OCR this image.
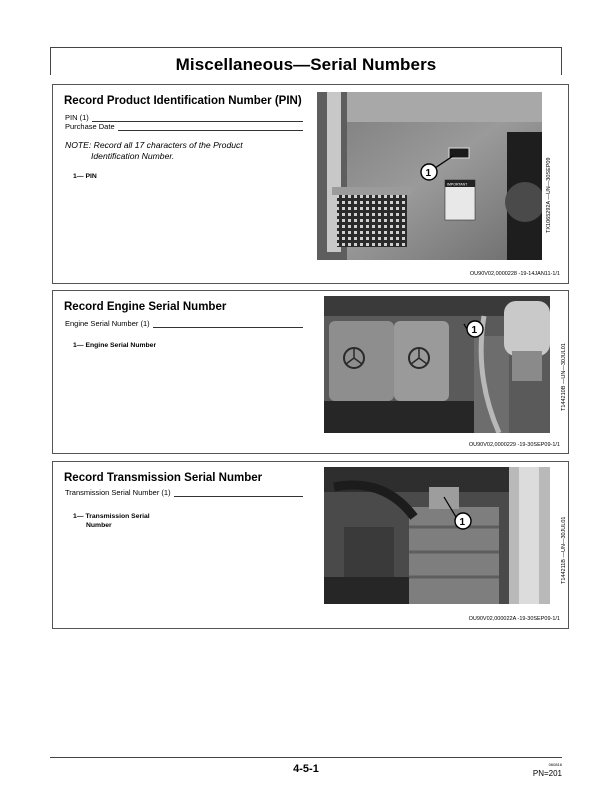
Miscellaneous—Serial Numbers
Record Product Identification Number (PIN)
PIN (1)
Purchase Date
NOTE: Record all 17 characters of the Product
Identification Number.
1— PIN
IMPORTANT
1	TX1065292A —UN—30SEP09
OU90V02,0000228 -19-14JAN11-1/1
Record Engine Serial Number
Engine Serial Number (1)
1— Engine Serial Number
1
T144210B —UN—30JUL01
OU90V02,0000229 -19-30SEP09-1/1
Record Transmission Serial Number
Transmission Serial Number (1)
1— Transmission Serial
Number	1	T144211B —UN—30JUL01
OU90V02,000022A -19-30SEP09-1/1
4-5-1	060816
PN=201
